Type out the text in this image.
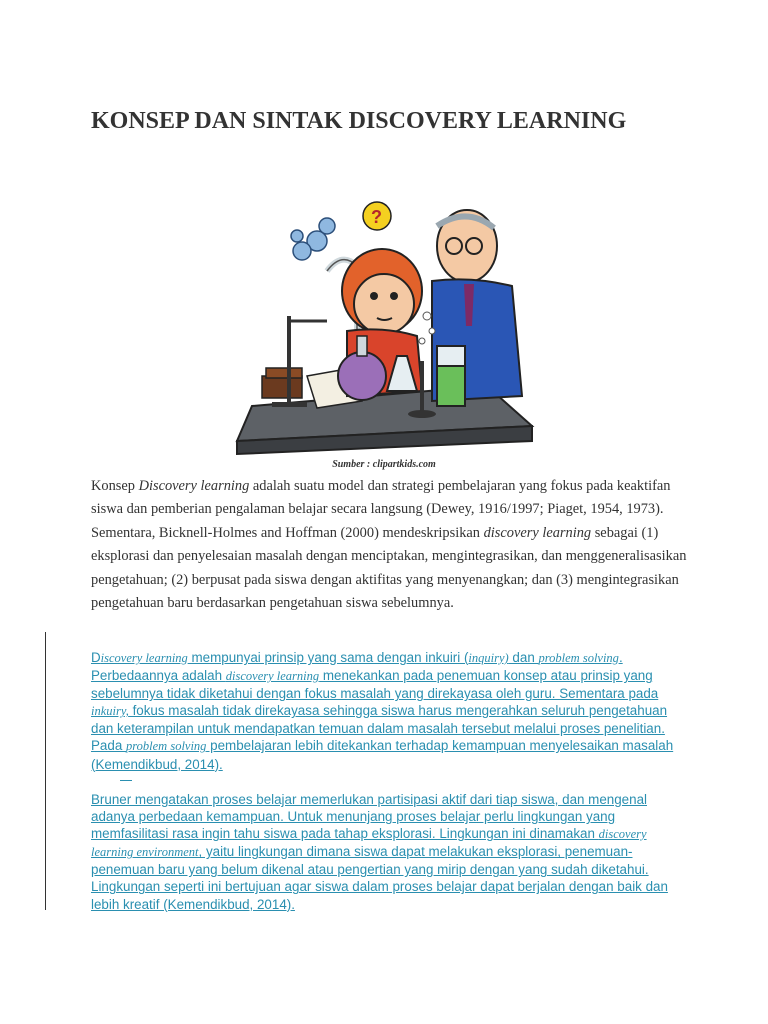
KONSEP DAN SINTAK DISCOVERY LEARNING
?
Sumber : clipartkids.com

Konsep Discovery learning adalah suatu model dan strategi pembelajaran yang fokus pada keaktifan siswa dan pemberian pengalaman belajar secara langsung (Dewey, 1916/1997; Piaget, 1954, 1973). Sementara, Bicknell-Holmes and Hoffman (2000) mendeskripsikan discovery learning sebagai (1) eksplorasi dan penyelesaian masalah dengan menciptakan, mengintegrasikan, dan menggeneralisasikan pengetahuan; (2) berpusat pada siswa dengan aktifitas yang menyenangkan; dan (3) mengintegrasikan pengetahuan baru berdasarkan pengetahuan siswa sebelumnya.

Discovery learning mempunyai prinsip yang sama dengan inkuiri (inquiry) dan problem solving. Perbedaannya adalah discovery learning menekankan pada penemuan konsep atau prinsip yang sebelumnya tidak diketahui dengan fokus masalah yang direkayasa oleh guru. Sementara pada inkuiry, fokus masalah tidak direkayasa sehingga siswa harus mengerahkan seluruh pengetahuan dan keterampilan untuk mendapatkan temuan dalam masalah tersebut melalui proses penelitian. Pada problem solving pembelajaran lebih ditekankan terhadap kemampuan menyelesaikan masalah (Kemendikbud, 2014).

Bruner mengatakan proses belajar memerlukan partisipasi aktif dari tiap siswa, dan mengenal adanya perbedaan kemampuan. Untuk menunjang proses belajar perlu lingkungan yang memfasilitasi rasa ingin tahu siswa pada tahap eksplorasi. Lingkungan ini dinamakan discovery learning environment, yaitu lingkungan dimana siswa dapat melakukan eksplorasi, penemuan-penemuan baru yang belum dikenal atau pengertian yang mirip dengan yang sudah diketahui. Lingkungan seperti ini bertujuan agar siswa dalam proses belajar dapat berjalan dengan baik dan lebih kreatif (Kemendikbud, 2014).
